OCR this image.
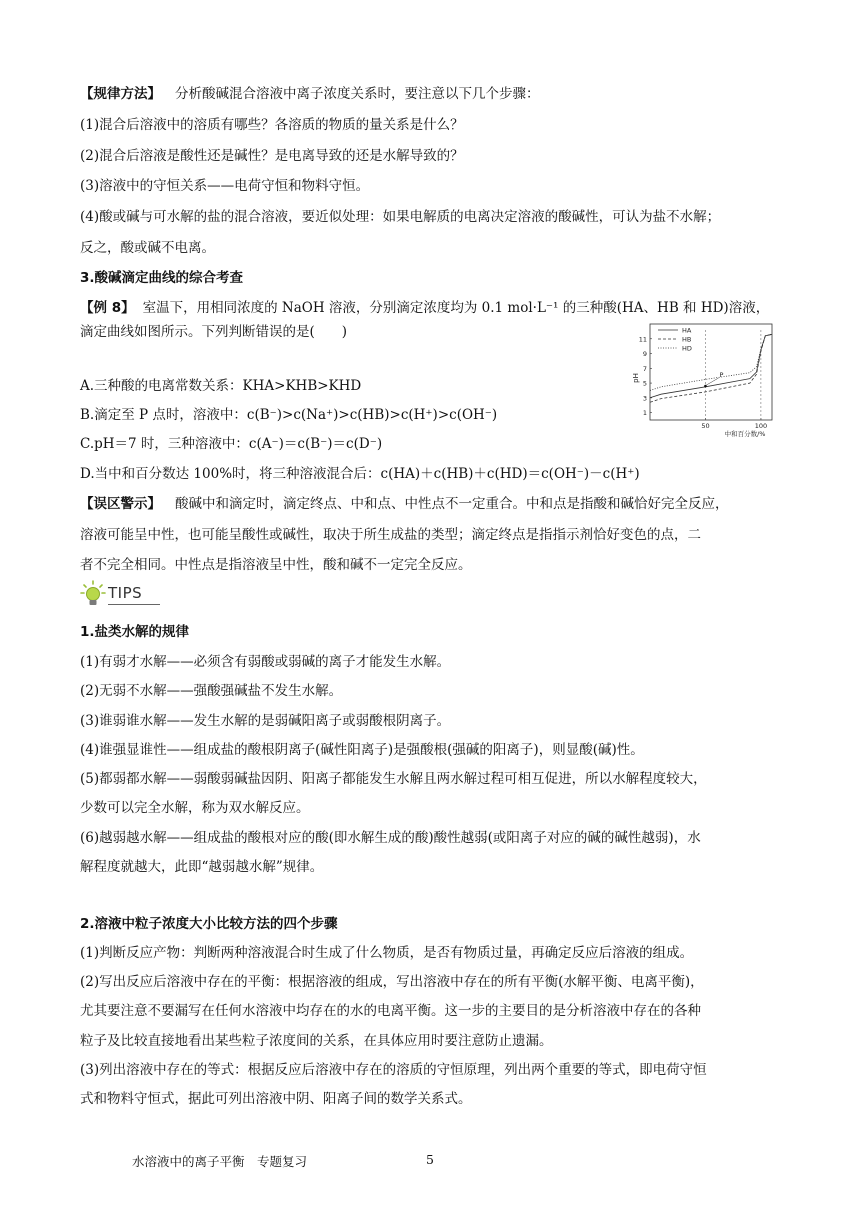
【规律方法】 分析酸碱混合溶液中离子浓度关系时，要注意以下几个步骤：
(1)混合后溶液中的溶质有哪些？各溶质的物质的量关系是什么？
(2)混合后溶液是酸性还是碱性？是电离导致的还是水解导致的？
(3)溶液中的守恒关系——电荷守恒和物料守恒。
(4)酸或碱与可水解的盐的混合溶液，要近似处理：如果电解质的电离决定溶液的酸碱性，可认为盐不水解；
反之，酸或碱不电离。
3.酸碱滴定曲线的综合考查
【例 8】 室温下，用相同浓度的 NaOH 溶液，分别滴定浓度均为 0.1 mol·L⁻¹ 的三种酸(HA、HB 和 HD)溶液，
滴定曲线如图所示。下列判断错误的是(　　)
A.三种酸的电离常数关系：KHA>KHB>KHD
B.滴定至 P 点时，溶液中：c(B⁻)>c(Na⁺)>c(HB)>c(H⁺)>c(OH⁻)
C.pH＝7 时，三种溶液中：c(A⁻)＝c(B⁻)＝c(D⁻)
D.当中和百分数达 100%时，将三种溶液混合后：c(HA)＋c(HB)＋c(HD)＝c(OH⁻)－c(H⁺)
pH
1
3
5
7
9
11
50	100
中和百分数/%
HA
HB
HD
P
【误区警示】 酸碱中和滴定时，滴定终点、中和点、中性点不一定重合。中和点是指酸和碱恰好完全反应，
溶液可能呈中性，也可能呈酸性或碱性，取决于所生成盐的类型；滴定终点是指指示剂恰好变色的点，二
者不完全相同。中性点是指溶液呈中性，酸和碱不一定完全反应。
TIPS
1.盐类水解的规律
(1)有弱才水解——必须含有弱酸或弱碱的离子才能发生水解。
(2)无弱不水解——强酸强碱盐不发生水解。
(3)谁弱谁水解——发生水解的是弱碱阳离子或弱酸根阴离子。
(4)谁强显谁性——组成盐的酸根阴离子(碱性阳离子)是强酸根(强碱的阳离子)，则显酸(碱)性。
(5)都弱都水解——弱酸弱碱盐因阴、阳离子都能发生水解且两水解过程可相互促进，所以水解程度较大，
少数可以完全水解，称为双水解反应。
(6)越弱越水解——组成盐的酸根对应的酸(即水解生成的酸)酸性越弱(或阳离子对应的碱的碱性越弱)，水
解程度就越大，此即“越弱越水解”规律。
2.溶液中粒子浓度大小比较方法的四个步骤
(1)判断反应产物：判断两种溶液混合时生成了什么物质，是否有物质过量，再确定反应后溶液的组成。
(2)写出反应后溶液中存在的平衡：根据溶液的组成，写出溶液中存在的所有平衡(水解平衡、电离平衡)，
尤其要注意不要漏写在任何水溶液中均存在的水的电离平衡。这一步的主要目的是分析溶液中存在的各种
粒子及比较直接地看出某些粒子浓度间的关系，在具体应用时要注意防止遗漏。
(3)列出溶液中存在的等式：根据反应后溶液中存在的溶质的守恒原理，列出两个重要的等式，即电荷守恒
式和物料守恒式，据此可列出溶液中阴、阳离子间的数学关系式。
水溶液中的离子平衡　专题复习	5
